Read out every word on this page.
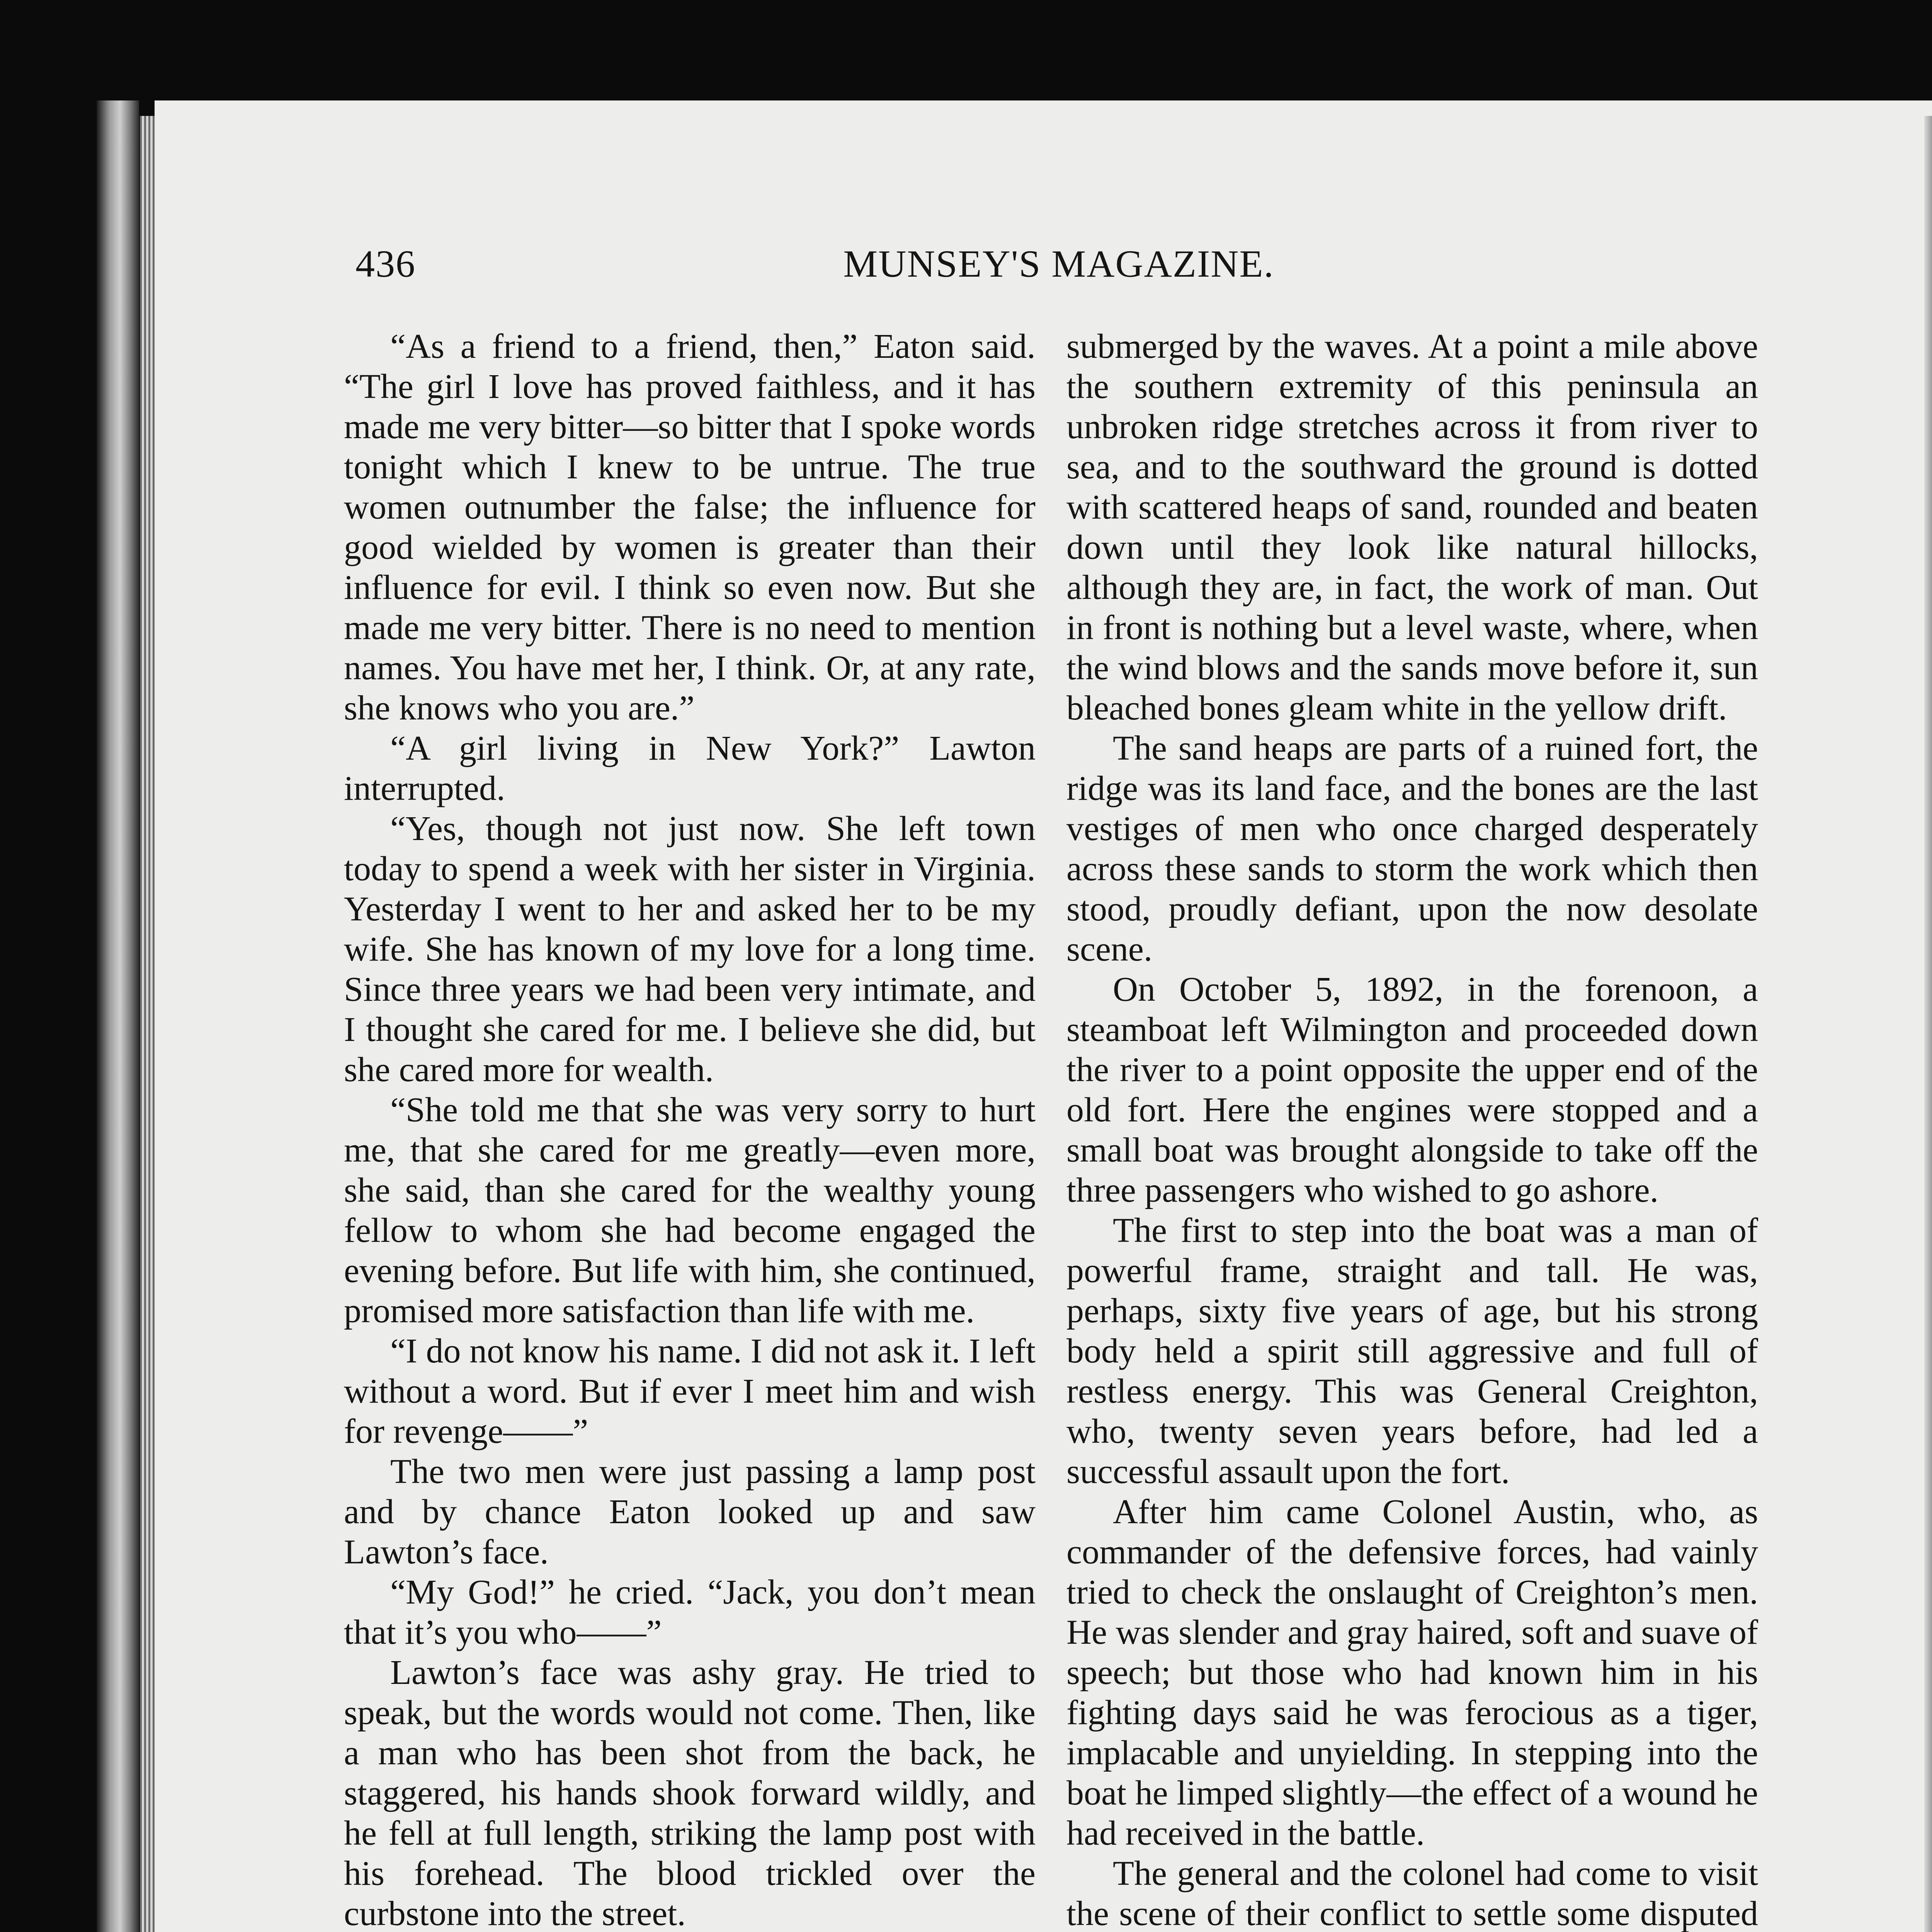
436	MUNSEY'S MAGAZINE.

“As a friend to a friend, then,” Eaton said. “The girl I love has proved faithless, and it has made me very bitter—so bitter that I spoke words tonight which I knew to be untrue. The true women outnumber the false; the influence for good wielded by women is greater than their influence for evil. I think so even now. But she made me very bitter. There is no need to mention names. You have met her, I think. Or, at any rate, she knows who you are.”

“A girl living in New York?” Lawton interrupted.

“Yes, though not just now. She left town today to spend a week with her sister in Virginia. Yesterday I went to her and asked her to be my wife. She has known of my love for a long time. Since three years we had been very intimate, and I thought she cared for me. I believe she did, but she cared more for wealth.

“She told me that she was very sorry to hurt me, that she cared for me greatly—even more, she said, than she cared for the wealthy young fellow to whom she had become engaged the evening before. But life with him, she continued, promised more satisfaction than life with me.

“I do not know his name. I did not ask it. I left without a word. But if ever I meet him and wish for revenge——”

The two men were just passing a lamp post and by chance Eaton looked up and saw Lawton’s face.

“My God!” he cried. “Jack, you don’t mean that it’s you who——”

Lawton’s face was ashy gray. He tried to speak, but the words would not come. Then, like a man who has been shot from the back, he staggered, his hands shook forward wildly, and he fell at full length, striking the lamp post with his forehead. The blood trickled over the curbstone into the street.

submerged by the waves. At a point a mile above the southern extremity of this peninsula an unbroken ridge stretches across it from river to sea, and to the southward the ground is dotted with scattered heaps of sand, rounded and beaten down until they look like natural hillocks, although they are, in fact, the work of man. Out in front is nothing but a level waste, where, when the wind blows and the sands move before it, sun bleached bones gleam white in the yellow drift.

The sand heaps are parts of a ruined fort, the ridge was its land face, and the bones are the last vestiges of men who once charged desperately across these sands to storm the work which then stood, proudly defiant, upon the now desolate scene.

On October 5, 1892, in the forenoon, a steamboat left Wilmington and proceeded down the river to a point opposite the upper end of the old fort. Here the engines were stopped and a small boat was brought alongside to take off the three passengers who wished to go ashore.

The first to step into the boat was a man of powerful frame, straight and tall. He was, perhaps, sixty five years of age, but his strong body held a spirit still aggressive and full of restless energy. This was General Creighton, who, twenty seven years before, had led a successful assault upon the fort.

After him came Colonel Austin, who, as commander of the defensive forces, had vainly tried to check the onslaught of Creighton’s men. He was slender and gray haired, soft and suave of speech; but those who had known him in his fighting days said he was ferocious as a tiger, implacable and unyielding. In stepping into the boat he limped slightly—the effect of a wound he had received in the battle.

The general and the colonel had come to visit the scene of their conflict to settle some disputed
